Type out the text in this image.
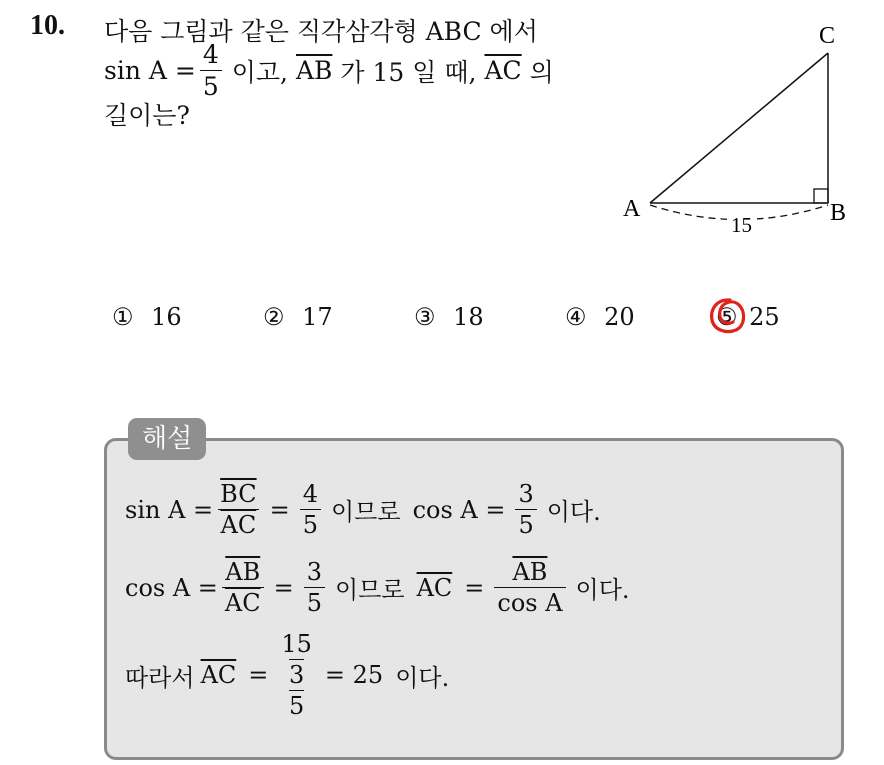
10. 다음 그림과 같은 직각삼각형 ABC 에서
$\sin A = \frac{4}{5}$ 이고, $\overline{AB}$ 가 15 일 때, $\overline{AC}$ 의
길이는?
A	B
C
15
① 16	② 17	③ 18	④ 20	⑤ 25
해설
$\sin A = \frac{\overline{BC}}{AC} = \frac{4}{5}$ 이므로 $\cos A = \frac{3}{5}$ 이다.
$\cos A = \frac{\overline{AB}}{AC} = \frac{3}{5}$ 이므로 $\overline{AC} = \frac{\overline{AB}}{\text{cos A}}$ 이다.
따라서 $\overline{AC} = \frac{15}{\frac{3}{5}} = 25$ 이다.
